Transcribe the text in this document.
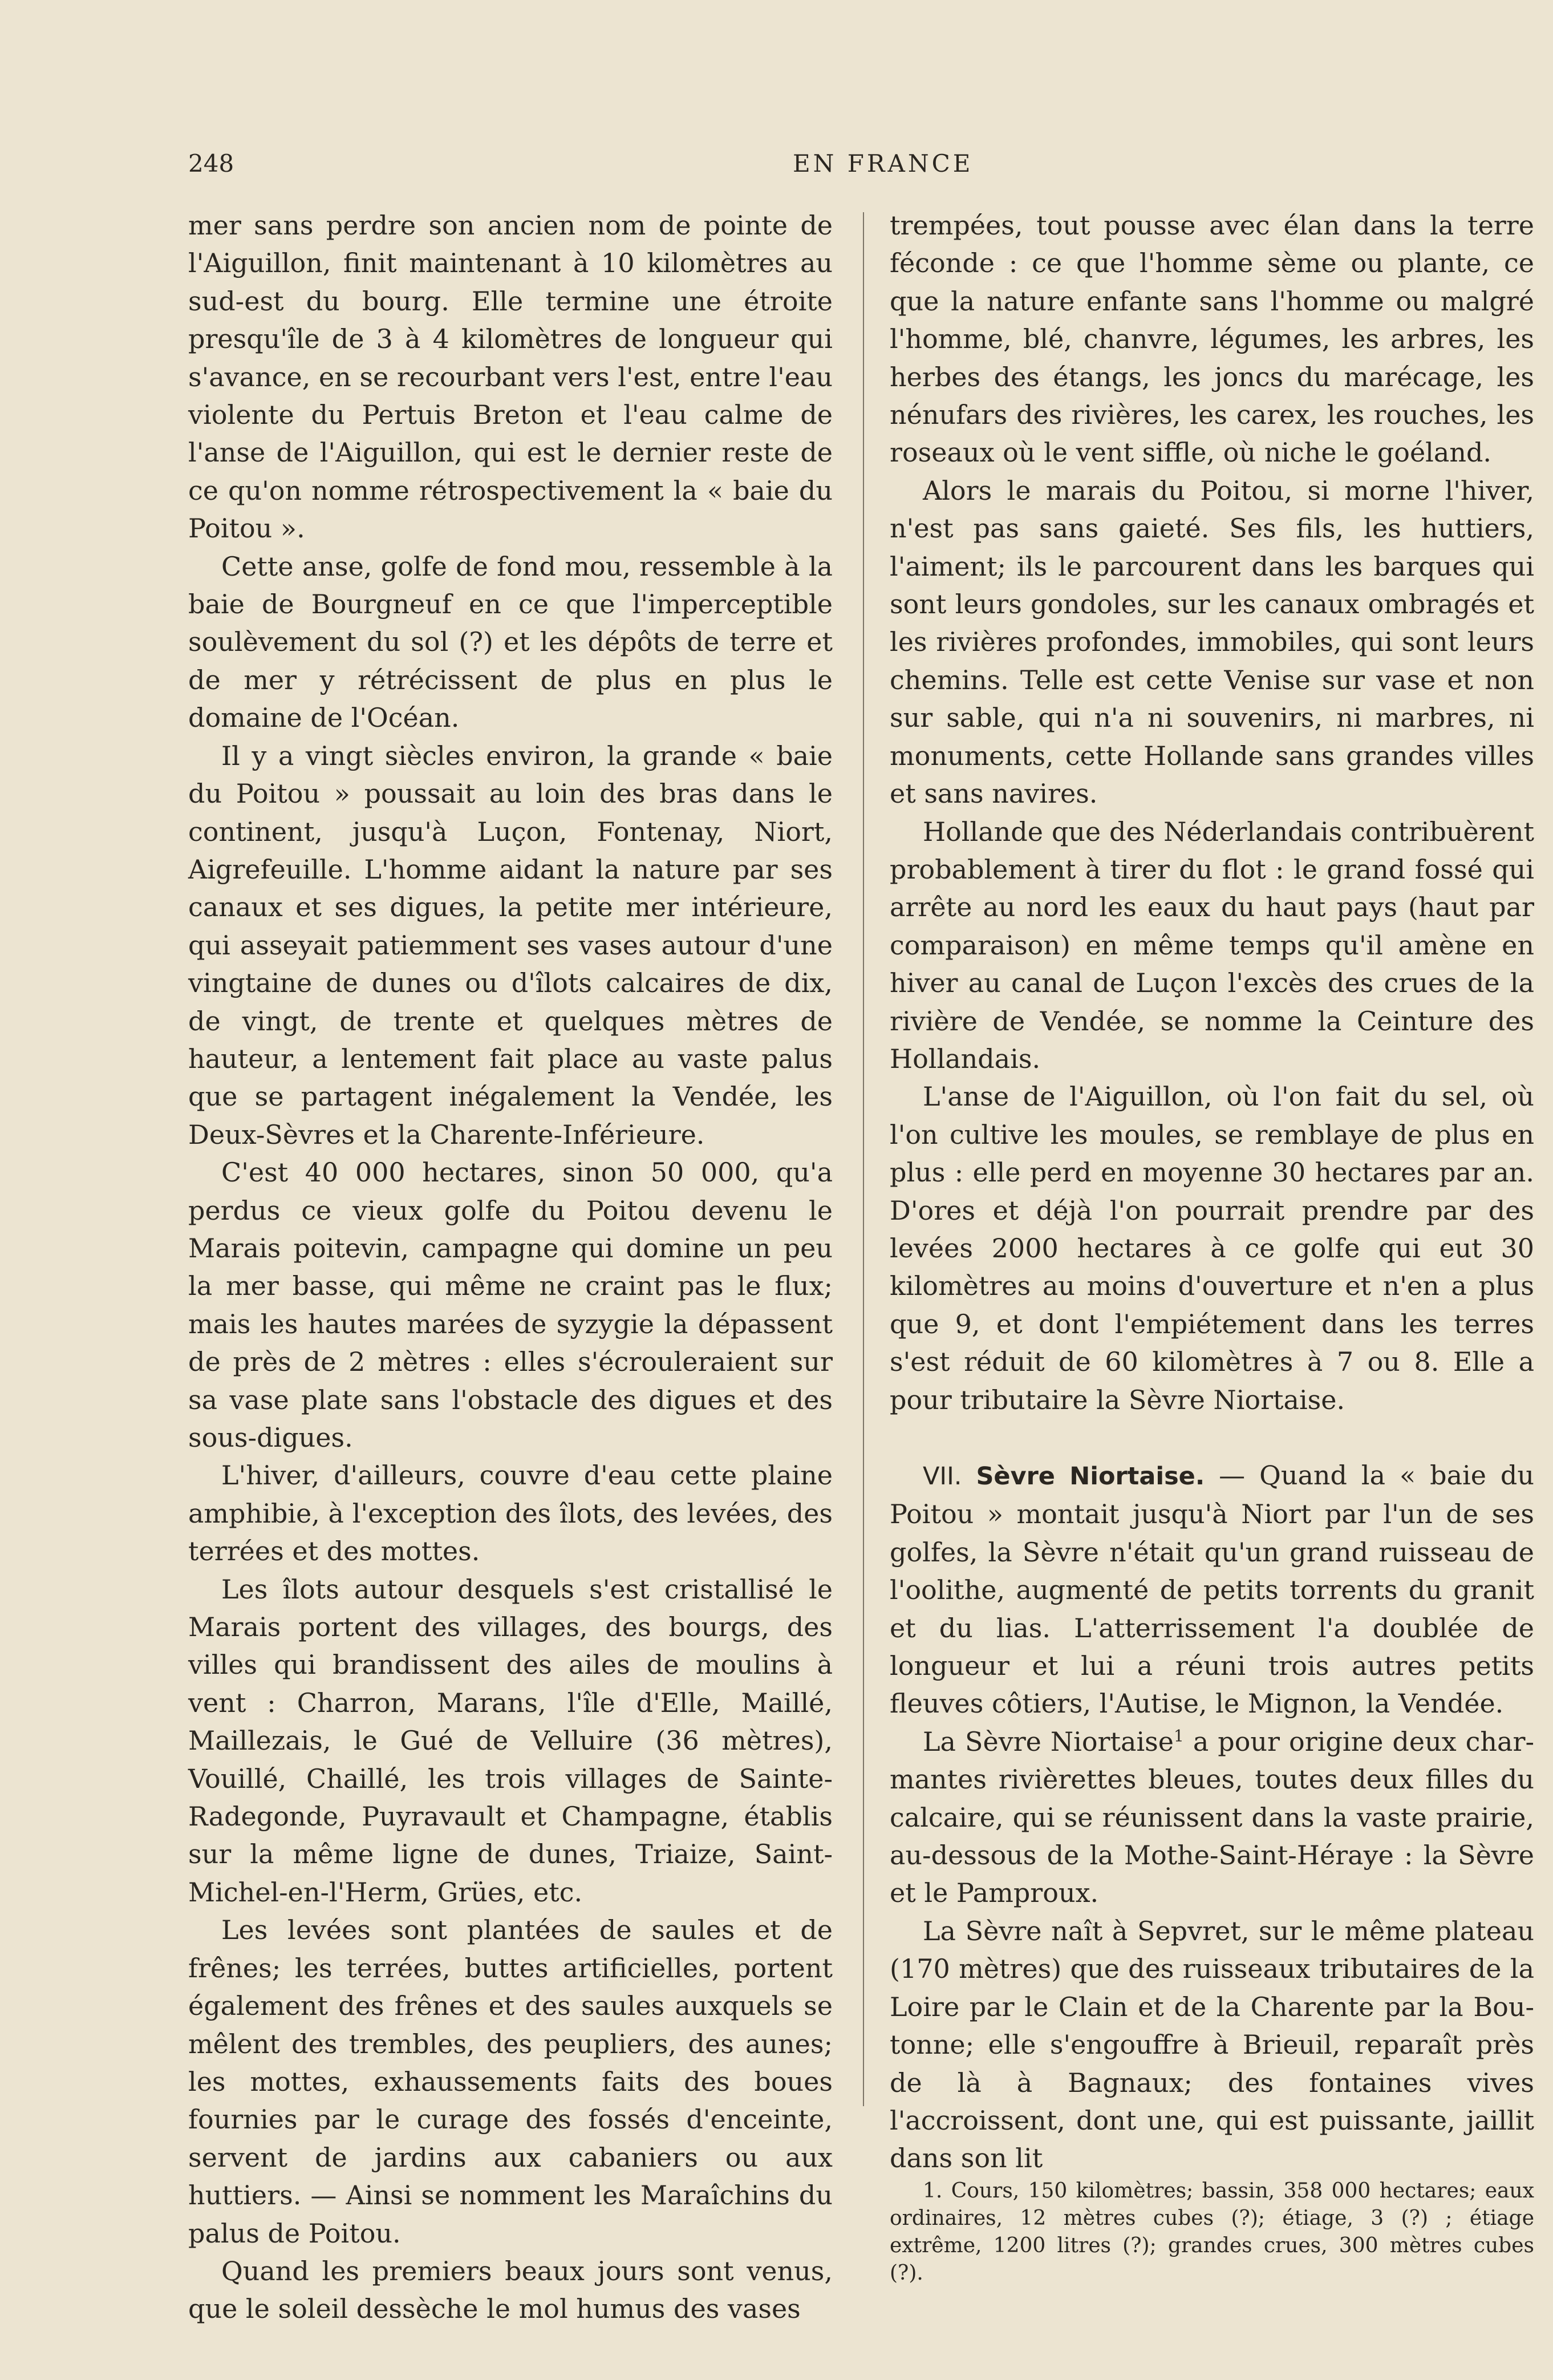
248	EN FRANCE

mer sans perdre son ancien nom de pointe de l'Aiguillon, finit maintenant à 10 kilomètres au sud-est du bourg. Elle termine une étroite presqu'île de 3 à 4 kilomètres de longueur qui s'avance, en se recourbant vers l'est, entre l'eau violente du Pertuis Breton et l'eau calme de l'anse de l'Aiguillon, qui est le dernier reste de ce qu'on nomme rétrospectivement la « baie du Poitou ».

Cette anse, golfe de fond mou, ressemble à la baie de Bourgneuf en ce que l'imperceptible soulèvement du sol (?) et les dépôts de terre et de mer y rétrécissent de plus en plus le domaine de l'Océan.

Il y a vingt siècles environ, la grande « baie du Poitou » poussait au loin des bras dans le continent, jusqu'à Luçon, Fontenay, Niort, Aigrefeuille. L'homme aidant la nature par ses canaux et ses digues, la petite mer intérieure, qui asseyait patiemment ses vases autour d'une vingtaine de dunes ou d'îlots calcaires de dix, de vingt, de trente et quelques mètres de hauteur, a lentement fait place au vaste palus que se partagent inégalement la Vendée, les Deux-Sèvres et la Charente-Inférieure.

C'est 40 000 hectares, sinon 50 000, qu'a perdus ce vieux golfe du Poitou devenu le Marais poitevin, campagne qui domine un peu la mer basse, qui même ne craint pas le flux; mais les hautes marées de syzygie la dépassent de près de 2 mètres : elles s'écrouleraient sur sa vase plate sans l'obstacle des digues et des sous-digues.

L'hiver, d'ailleurs, couvre d'eau cette plaine amphibie, à l'exception des îlots, des levées, des terrées et des mottes.

Les îlots autour desquels s'est cristallisé le Marais portent des villages, des bourgs, des villes qui brandissent des ailes de moulins à vent : Charron, Marans, l'île d'Elle, Maillé, Maillezais, le Gué de Velluire (36 mètres), Vouillé, Chaillé, les trois villages de Sainte-Radegonde, Puyravault et Champagne, établis sur la même ligne de dunes, Triaize, Saint-Michel-en-l'Herm, Grües, etc.

Les levées sont plantées de saules et de frênes; les terrées, buttes artificielles, portent également des frênes et des saules auxquels se mêlent des trembles, des peupliers, des aunes; les mottes, exhaussements faits des boues fournies par le curage des fossés d'enceinte, servent de jardins aux cabaniers ou aux huttiers. — Ainsi se nomment les Maraîchins du palus de Poitou.

Quand les premiers beaux jours sont venus, que le soleil dessèche le mol humus des vases

trempées, tout pousse avec élan dans la terre féconde : ce que l'homme sème ou plante, ce que la nature enfante sans l'homme ou malgré l'homme, blé, chanvre, légumes, les arbres, les herbes des étangs, les joncs du marécage, les nénufars des rivières, les carex, les rouches, les roseaux où le vent siffle, où niche le goéland.

Alors le marais du Poitou, si morne l'hiver, n'est pas sans gaieté. Ses fils, les huttiers, l'aiment; ils le parcourent dans les barques qui sont leurs gondoles, sur les canaux ombragés et les rivières profondes, immobiles, qui sont leurs chemins. Telle est cette Venise sur vase et non sur sable, qui n'a ni souvenirs, ni marbres, ni monuments, cette Hollande sans grandes villes et sans navires.

Hollande que des Néderlandais contribuèrent probablement à tirer du flot : le grand fossé qui arrête au nord les eaux du haut pays (haut par comparaison) en même temps qu'il amène en hiver au canal de Luçon l'excès des crues de la rivière de Vendée, se nomme la Ceinture des Hollandais.

L'anse de l'Aiguillon, où l'on fait du sel, où l'on cultive les moules, se remblaye de plus en plus : elle perd en moyenne 30 hectares par an. D'ores et déjà l'on pourrait prendre par des levées 2000 hectares à ce golfe qui eut 30 kilomètres au moins d'ouverture et n'en a plus que 9, et dont l'empiétement dans les terres s'est réduit de 60 kilomètres à 7 ou 8. Elle a pour tributaire la Sèvre Niortaise.

VII. Sèvre Niortaise. — Quand la « baie du Poitou » montait jusqu'à Niort par l'un de ses golfes, la Sèvre n'était qu'un grand ruisseau de l'oolithe, augmenté de petits torrents du granit et du lias. L'atterrissement l'a doublée de longueur et lui a réuni trois autres petits fleuves côtiers, l'Autise, le Mignon, la Vendée.

La Sèvre Niortaise$^1$ a pour origine deux charmantes rivièrettes bleues, toutes deux filles du calcaire, qui se réunissent dans la vaste prairie, au-dessous de la Mothe-Saint-Héraye : la Sèvre et le Pamproux.

La Sèvre naît à Sepvret, sur le même plateau (170 mètres) que des ruisseaux tributaires de la Loire par le Clain et de la Charente par la Boutonne; elle s'engouffre à Brieuil, reparaît près de là à Bagnaux; des fontaines vives l'accroissent, dont une, qui est puissante, jaillit dans son lit

1. Cours, 150 kilomètres; bassin, 358 000 hectares; eaux ordinaires, 12 mètres cubes (?); étiage, 3 (?) ; étiage extrême, 1200 litres (?); grandes crues, 300 mètres cubes (?).
